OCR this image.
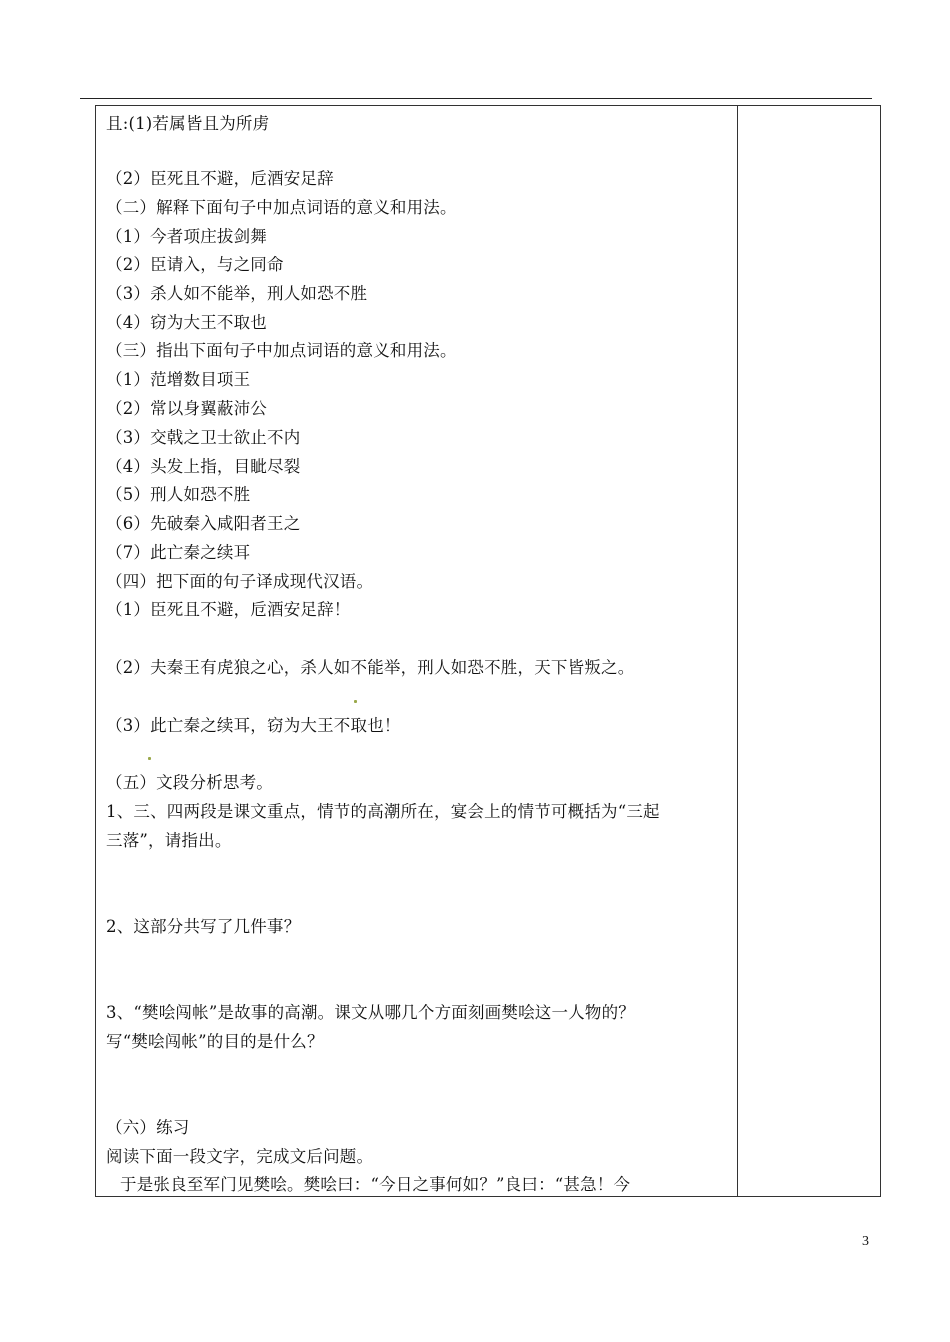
且:(1)若属皆且为所虏
（2）臣死且不避，卮酒安足辞
（二）解释下面句子中加点词语的意义和用法。
（1）今者项庄拔剑舞
（2）臣请入，与之同命
（3）杀人如不能举，刑人如恐不胜
（4）窃为大王不取也
（三）指出下面句子中加点词语的意义和用法。
（1）范增数目项王
（2）常以身翼蔽沛公
（3）交戟之卫士欲止不内
（4）头发上指，目眦尽裂
（5）刑人如恐不胜
（6）先破秦入咸阳者王之
（7）此亡秦之续耳
（四）把下面的句子译成现代汉语。
（1）臣死且不避，卮酒安足辞！
（2）夫秦王有虎狼之心，杀人如不能举，刑人如恐不胜，天下皆叛之。
（3）此亡秦之续耳，窃为大王不取也！
（五）文段分析思考。
1、三、四两段是课文重点，情节的高潮所在，宴会上的情节可概括为“三起
三落”，请指出。
2、这部分共写了几件事？
3、“樊哙闯帐”是故事的高潮。课文从哪几个方面刻画樊哙这一人物的？
写“樊哙闯帐”的目的是什么？
（六）练习
阅读下面一段文字，完成文后问题。
于是张良至军门见樊哙。樊哙曰：“今日之事何如？”良曰：“甚急！今
3
